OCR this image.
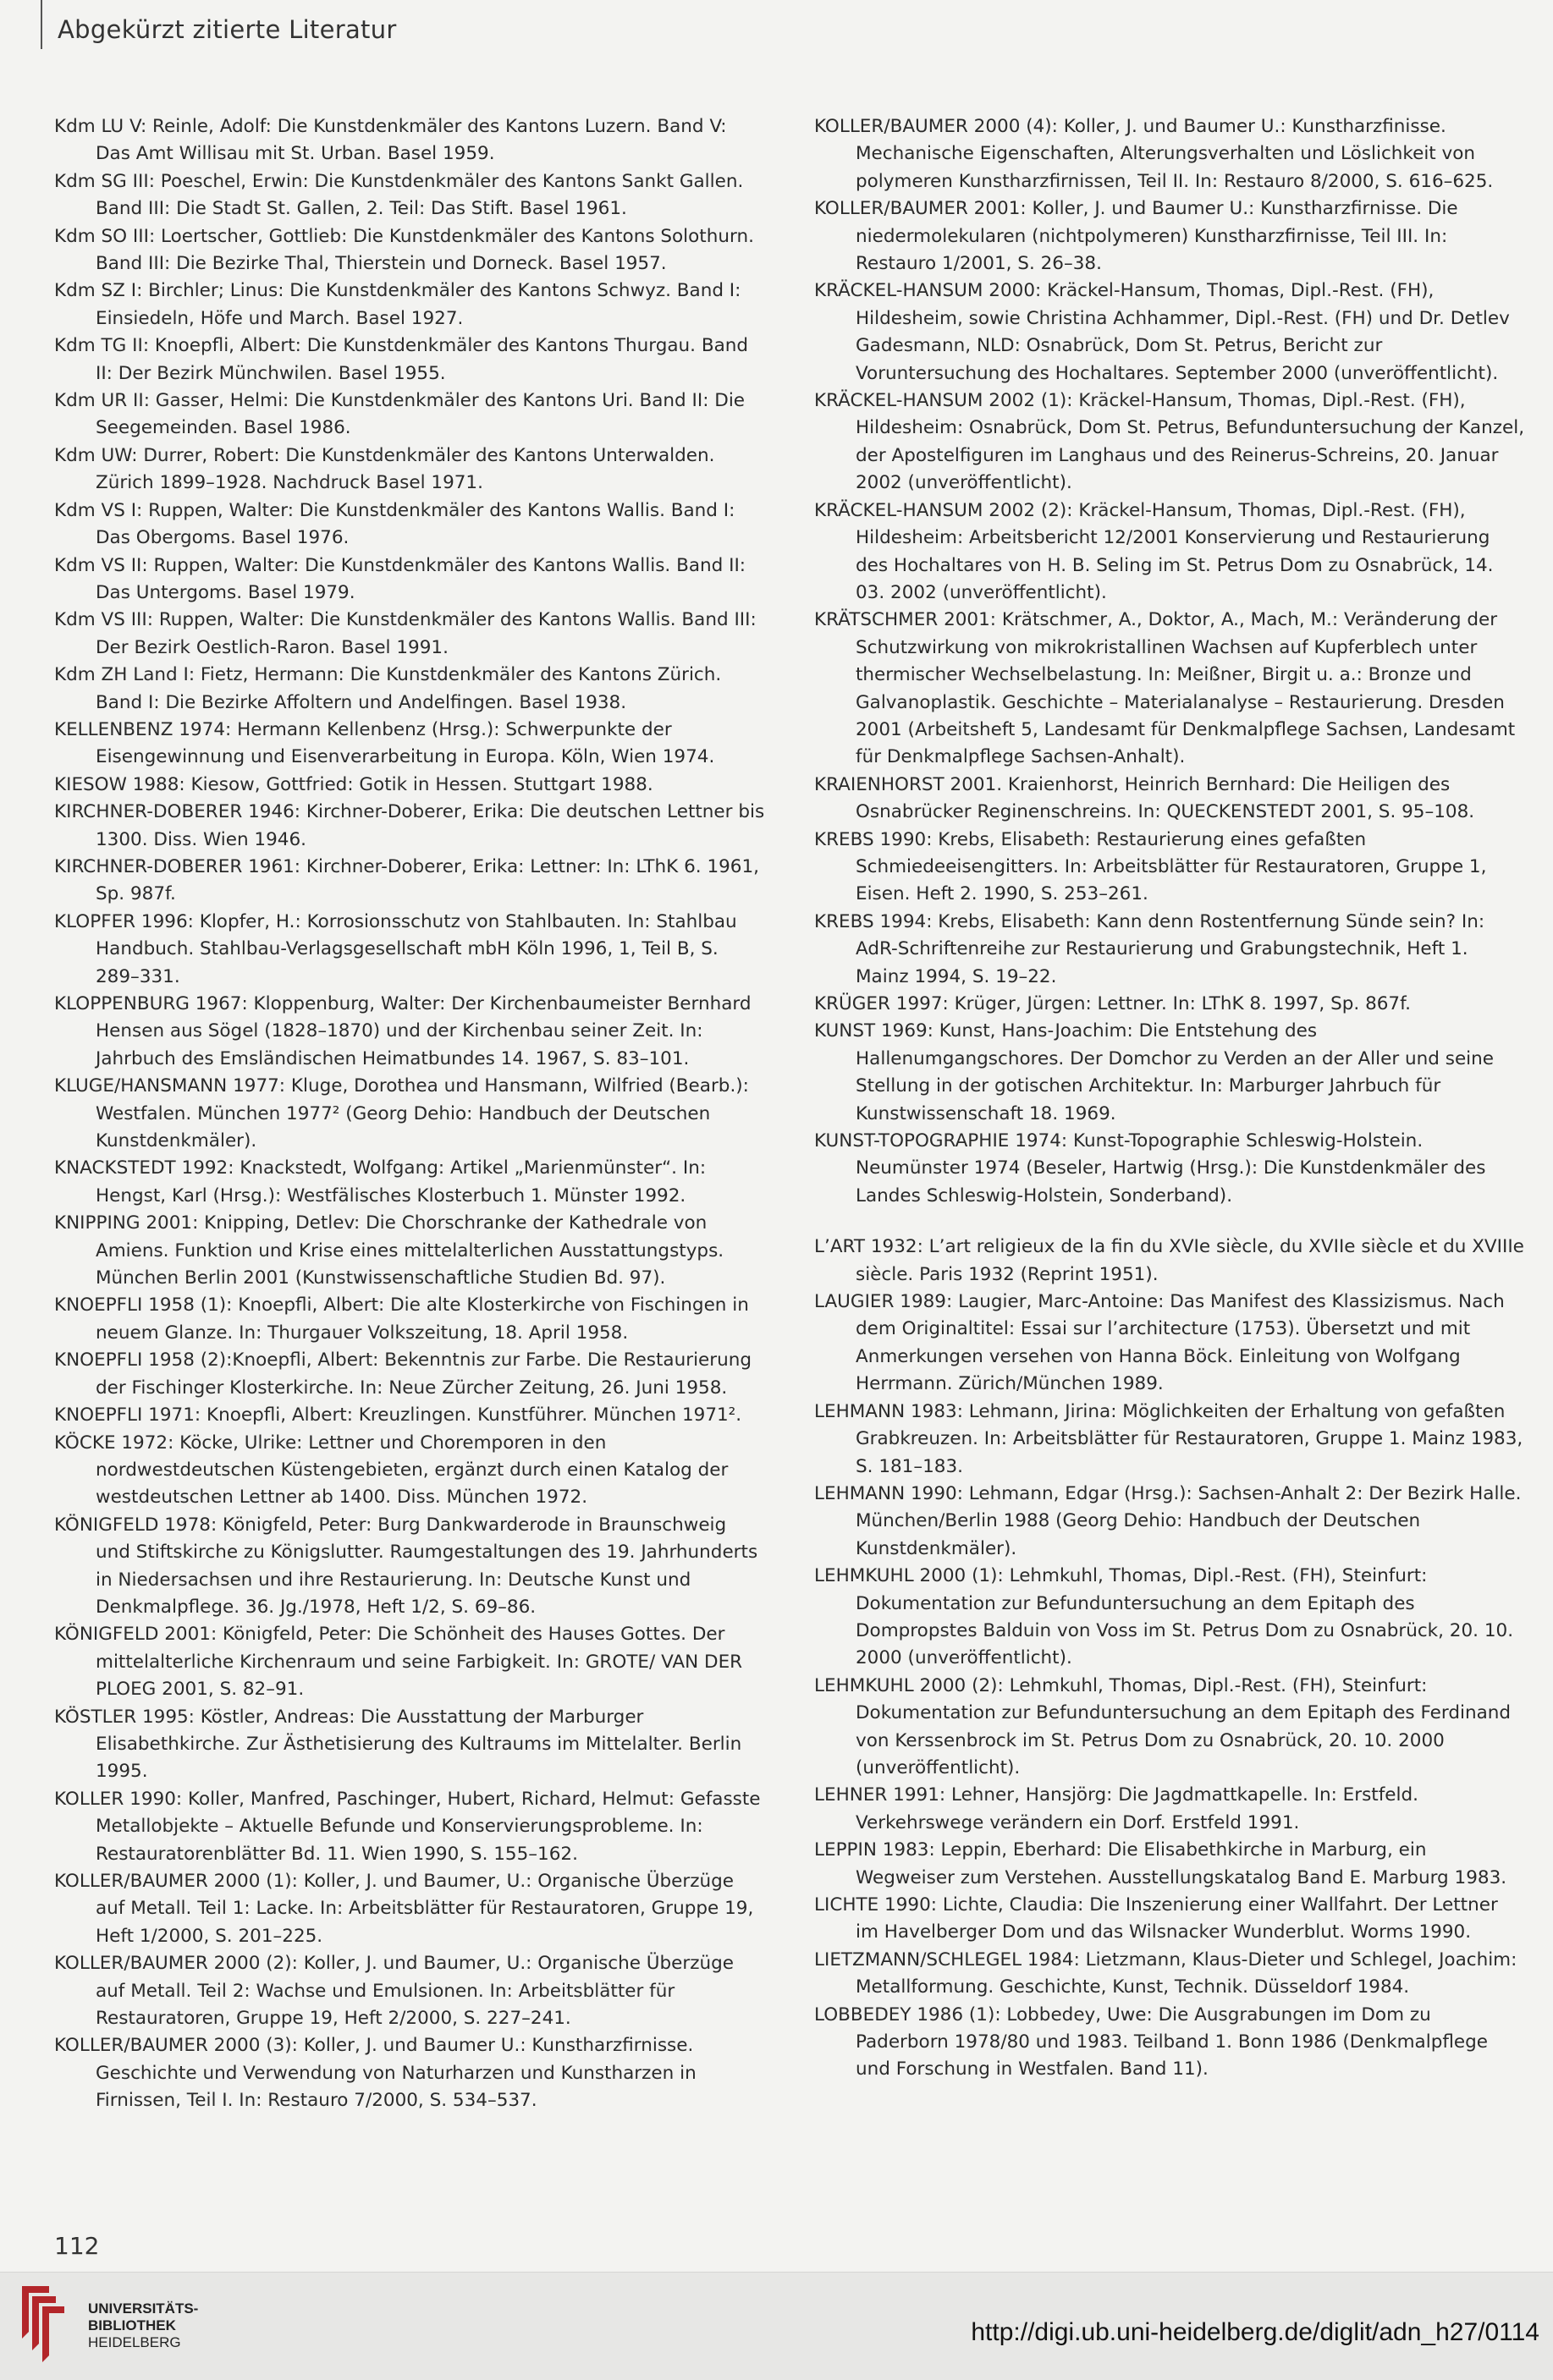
Abgekürzt zitierte Literatur

Kdm LU V: Reinle, Adolf: Die Kunstdenkmäler des Kantons Luzern. Band V: Das Amt Willisau mit St. Urban. Basel 1959.

Kdm SG III: Poeschel, Erwin: Die Kunstdenkmäler des Kantons Sankt Gallen. Band III: Die Stadt St. Gallen, 2. Teil: Das Stift. Basel 1961.

Kdm SO III: Loertscher, Gottlieb: Die Kunstdenkmäler des Kantons Solothurn. Band III: Die Bezirke Thal, Thierstein und Dorneck. Basel 1957.

Kdm SZ I: Birchler; Linus: Die Kunstdenkmäler des Kantons Schwyz. Band I: Einsiedeln, Höfe und March. Basel 1927.

Kdm TG II: Knoepfli, Albert: Die Kunstdenkmäler des Kantons Thurgau. Band II: Der Bezirk Münchwilen. Basel 1955.

Kdm UR II: Gasser, Helmi: Die Kunstdenkmäler des Kantons Uri. Band II: Die Seegemeinden. Basel 1986.

Kdm UW: Durrer, Robert: Die Kunstdenkmäler des Kantons Unterwalden. Zürich 1899–1928. Nachdruck Basel 1971.

Kdm VS I: Ruppen, Walter: Die Kunstdenkmäler des Kantons Wallis. Band I: Das Obergoms. Basel 1976.

Kdm VS II: Ruppen, Walter: Die Kunstdenkmäler des Kantons Wallis. Band II: Das Untergoms. Basel 1979.

Kdm VS III: Ruppen, Walter: Die Kunstdenkmäler des Kantons Wallis. Band III: Der Bezirk Oestlich-Raron. Basel 1991.

Kdm ZH Land I: Fietz, Hermann: Die Kunstdenkmäler des Kantons Zürich. Band I: Die Bezirke Affoltern und Andelfingen. Basel 1938.

KELLENBENZ 1974: Hermann Kellenbenz (Hrsg.): Schwerpunkte der Eisengewinnung und Eisenverarbeitung in Europa. Köln, Wien 1974.

KIESOW 1988: Kiesow, Gottfried: Gotik in Hessen. Stuttgart 1988.

KIRCHNER-DOBERER 1946: Kirchner-Doberer, Erika: Die deutschen Lettner bis 1300. Diss. Wien 1946.

KIRCHNER-DOBERER 1961: Kirchner-Doberer, Erika: Lettner: In: LThK 6. 1961, Sp. 987f.

KLOPFER 1996: Klopfer, H.: Korrosionsschutz von Stahlbauten. In: Stahlbau Handbuch. Stahlbau-Verlagsgesellschaft mbH Köln 1996, 1, Teil B, S. 289–331.

KLOPPENBURG 1967: Kloppenburg, Walter: Der Kirchenbaumeister Bernhard Hensen aus Sögel (1828–1870) und der Kirchenbau seiner Zeit. In: Jahrbuch des Emsländischen Heimatbundes 14. 1967, S. 83–101.

KLUGE/HANSMANN 1977: Kluge, Dorothea und Hansmann, Wilfried (Bearb.): Westfalen. München 1977² (Georg Dehio: Handbuch der Deutschen Kunstdenkmäler).

KNACKSTEDT 1992: Knackstedt, Wolfgang: Artikel „Marienmünster“. In: Hengst, Karl (Hrsg.): Westfälisches Klosterbuch 1. Münster 1992.

KNIPPING 2001: Knipping, Detlev: Die Chorschranke der Kathedrale von Amiens. Funktion und Krise eines mittelalterlichen Ausstattungstyps. München Berlin 2001 (Kunstwissenschaftliche Studien Bd. 97).

KNOEPFLI 1958 (1): Knoepfli, Albert: Die alte Klosterkirche von Fischingen in neuem Glanze. In: Thurgauer Volkszeitung, 18. April 1958.

KNOEPFLI 1958 (2):Knoepfli, Albert: Bekenntnis zur Farbe. Die Restaurierung der Fischinger Klosterkirche. In: Neue Zürcher Zeitung, 26. Juni 1958.

KNOEPFLI 1971: Knoepfli, Albert: Kreuzlingen. Kunstführer. München 1971².

KÖCKE 1972: Köcke, Ulrike: Lettner und Choremporen in den nordwestdeutschen Küstengebieten, ergänzt durch einen Katalog der westdeutschen Lettner ab 1400. Diss. München 1972.

KÖNIGFELD 1978: Königfeld, Peter: Burg Dankwarderode in Braunschweig und Stiftskirche zu Königslutter. Raumgestaltungen des 19. Jahrhunderts in Niedersachsen und ihre Restaurierung. In: Deutsche Kunst und Denkmalpflege. 36. Jg./1978, Heft 1/2, S. 69–86.

KÖNIGFELD 2001: Königfeld, Peter: Die Schönheit des Hauses Gottes. Der mittelalterliche Kirchenraum und seine Farbigkeit. In: GROTE/ VAN DER PLOEG 2001, S. 82–91.

KÖSTLER 1995: Köstler, Andreas: Die Ausstattung der Marburger Elisabethkirche. Zur Ästhetisierung des Kultraums im Mittelalter. Berlin 1995.

KOLLER 1990: Koller, Manfred, Paschinger, Hubert, Richard, Helmut: Gefasste Metallobjekte – Aktuelle Befunde und Konservierungsprobleme. In: Restauratorenblätter Bd. 11. Wien 1990, S. 155–162.

KOLLER/BAUMER 2000 (1): Koller, J. und Baumer, U.: Organische Überzüge auf Metall. Teil 1: Lacke. In: Arbeitsblätter für Restauratoren, Gruppe 19, Heft 1/2000, S. 201–225.

KOLLER/BAUMER 2000 (2): Koller, J. und Baumer, U.: Organische Überzüge auf Metall. Teil 2: Wachse und Emulsionen. In: Arbeitsblätter für Restauratoren, Gruppe 19, Heft 2/2000, S. 227–241.

KOLLER/BAUMER 2000 (3): Koller, J. und Baumer U.: Kunstharzfirnisse. Geschichte und Verwendung von Naturharzen und Kunstharzen in Firnissen, Teil I. In: Restauro 7/2000, S. 534–537.

KOLLER/BAUMER 2000 (4): Koller, J. und Baumer U.: Kunstharzfinisse. Mechanische Eigenschaften, Alterungsverhalten und Löslichkeit von polymeren Kunstharzfirnissen, Teil II. In: Restauro 8/2000, S. 616–625.

KOLLER/BAUMER 2001: Koller, J. und Baumer U.: Kunstharzfirnisse. Die niedermolekularen (nichtpolymeren) Kunstharzfirnisse, Teil III. In: Restauro 1/2001, S. 26–38.

KRÄCKEL-HANSUM 2000: Kräckel-Hansum, Thomas, Dipl.-Rest. (FH), Hildesheim, sowie Christina Achhammer, Dipl.-Rest. (FH) und Dr. Detlev Gadesmann, NLD: Osnabrück, Dom St. Petrus, Bericht zur Voruntersuchung des Hochaltares. September 2000 (unveröffentlicht).

KRÄCKEL-HANSUM 2002 (1): Kräckel-Hansum, Thomas, Dipl.-Rest. (FH), Hildesheim: Osnabrück, Dom St. Petrus, Befunduntersuchung der Kanzel, der Apostelfiguren im Langhaus und des Reinerus-Schreins, 20. Januar 2002 (unveröffentlicht).

KRÄCKEL-HANSUM 2002 (2): Kräckel-Hansum, Thomas, Dipl.-Rest. (FH), Hildesheim: Arbeitsbericht 12/2001 Konservierung und Restaurierung des Hochaltares von H. B. Seling im St. Petrus Dom zu Osnabrück, 14. 03. 2002 (unveröffentlicht).

KRÄTSCHMER 2001: Krätschmer, A., Doktor, A., Mach, M.: Veränderung der Schutzwirkung von mikrokristallinen Wachsen auf Kupferblech unter thermischer Wechselbelastung. In: Meißner, Birgit u. a.: Bronze und Galvanoplastik. Geschichte – Materialanalyse – Restaurierung. Dresden 2001 (Arbeitsheft 5, Landesamt für Denkmalpflege Sachsen, Landesamt für Denkmalpflege Sachsen-Anhalt).

KRAIENHORST 2001. Kraienhorst, Heinrich Bernhard: Die Heiligen des Osnabrücker Reginenschreins. In: QUECKENSTEDT 2001, S. 95–108.

KREBS 1990: Krebs, Elisabeth: Restaurierung eines gefaßten Schmiedeeisengitters. In: Arbeitsblätter für Restauratoren, Gruppe 1, Eisen. Heft 2. 1990, S. 253–261.

KREBS 1994: Krebs, Elisabeth: Kann denn Rostentfernung Sünde sein? In: AdR-Schriftenreihe zur Restaurierung und Grabungstechnik, Heft 1. Mainz 1994, S. 19–22.

KRÜGER 1997: Krüger, Jürgen: Lettner. In: LThK 8. 1997, Sp. 867f.

KUNST 1969: Kunst, Hans-Joachim: Die Entstehung des Hallenumgangschores. Der Domchor zu Verden an der Aller und seine Stellung in der gotischen Architektur. In: Marburger Jahrbuch für Kunstwissenschaft 18. 1969.

KUNST-TOPOGRAPHIE 1974: Kunst-Topographie Schleswig-Holstein. Neumünster 1974 (Beseler, Hartwig (Hrsg.): Die Kunstdenkmäler des Landes Schleswig-Holstein, Sonderband).

L’ART 1932: L’art religieux de la fin du XVIe siècle, du XVIIe siècle et du XVIIIe siècle. Paris 1932 (Reprint 1951).

LAUGIER 1989: Laugier, Marc-Antoine: Das Manifest des Klassizismus. Nach dem Originaltitel: Essai sur l’architecture (1753). Übersetzt und mit Anmerkungen versehen von Hanna Böck. Einleitung von Wolfgang Herrmann. Zürich/München 1989.

LEHMANN 1983: Lehmann, Jirina: Möglichkeiten der Erhaltung von gefaßten Grabkreuzen. In: Arbeitsblätter für Restauratoren, Gruppe 1. Mainz 1983, S. 181–183.

LEHMANN 1990: Lehmann, Edgar (Hrsg.): Sachsen-Anhalt 2: Der Bezirk Halle. München/Berlin 1988 (Georg Dehio: Handbuch der Deutschen Kunstdenkmäler).

LEHMKUHL 2000 (1): Lehmkuhl, Thomas, Dipl.-Rest. (FH), Steinfurt: Dokumentation zur Befunduntersuchung an dem Epitaph des Dompropstes Balduin von Voss im St. Petrus Dom zu Osnabrück, 20. 10. 2000 (unveröffentlicht).

LEHMKUHL 2000 (2): Lehmkuhl, Thomas, Dipl.-Rest. (FH), Steinfurt: Dokumentation zur Befunduntersuchung an dem Epitaph des Ferdinand von Kerssenbrock im St. Petrus Dom zu Osnabrück, 20. 10. 2000 (unveröffentlicht).

LEHNER 1991: Lehner, Hansjörg: Die Jagdmattkapelle. In: Erstfeld. Verkehrswege verändern ein Dorf. Erstfeld 1991.

LEPPIN 1983: Leppin, Eberhard: Die Elisabethkirche in Marburg, ein Wegweiser zum Verstehen. Ausstellungskatalog Band E. Marburg 1983.

LICHTE 1990: Lichte, Claudia: Die Inszenierung einer Wallfahrt. Der Lettner im Havelberger Dom und das Wilsnacker Wunderblut. Worms 1990.

LIETZMANN/SCHLEGEL 1984: Lietzmann, Klaus-Dieter und Schlegel, Joachim: Metallformung. Geschichte, Kunst, Technik. Düsseldorf 1984.

LOBBEDEY 1986 (1): Lobbedey, Uwe: Die Ausgrabungen im Dom zu Paderborn 1978/80 und 1983. Teilband 1. Bonn 1986 (Denkmalpflege und Forschung in Westfalen. Band 11).

112
UNIVERSITÄTS-
BIBLIOTHEK
HEIDELBERG	http://digi.ub.uni-heidelberg.de/diglit/adn_h27/0114
